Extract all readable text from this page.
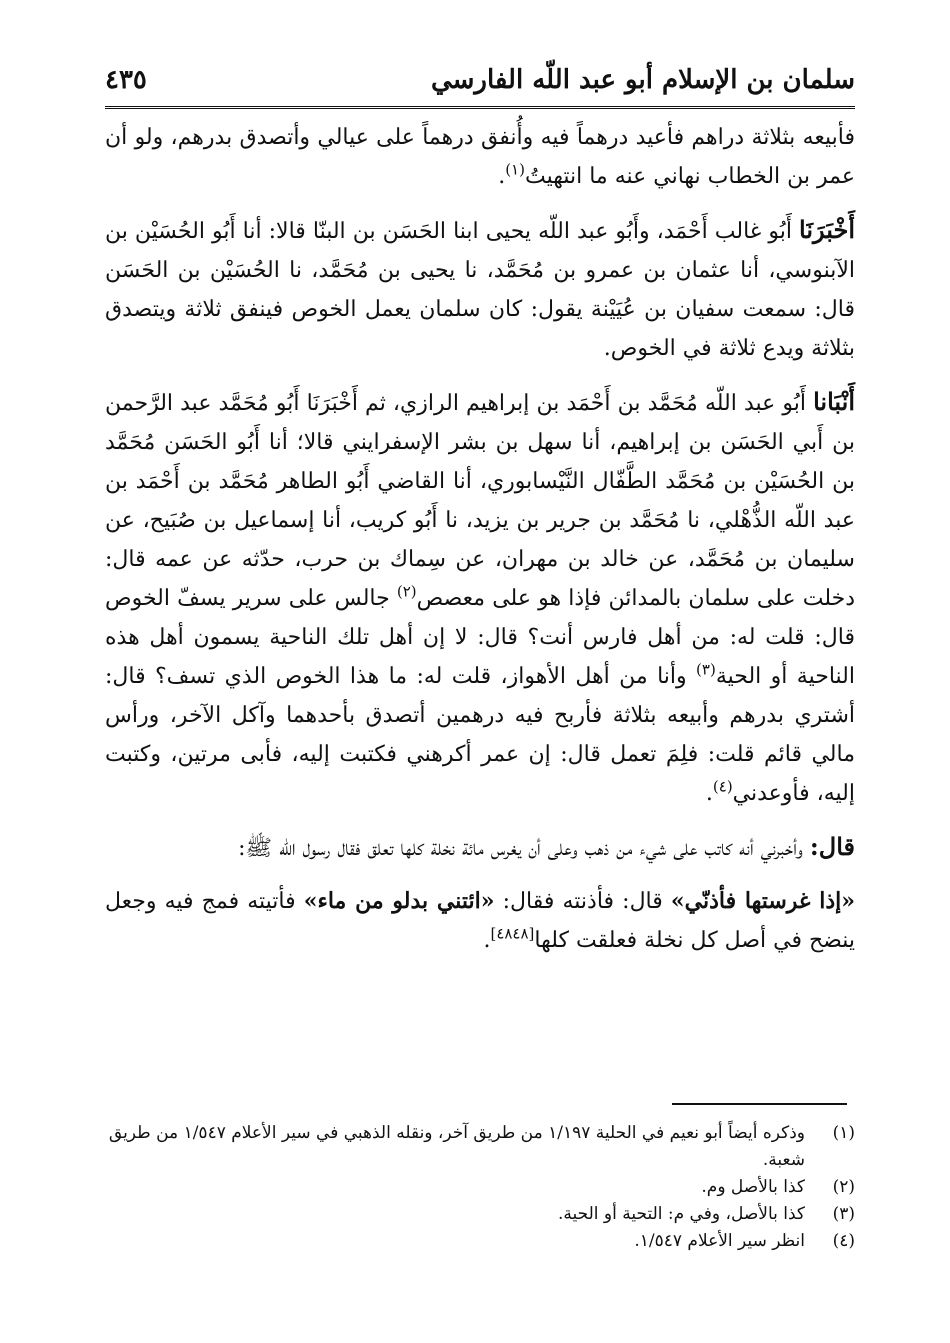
سلمان بن الإسلام أبو عبد اللّه الفارسي
٤٣٥

فأبيعه بثلاثة دراهم فأعيد درهماً فيه وأُنفق درهماً على عيالي وأتصدق بدرهم، ولو أن عمر بن الخطاب نهاني عنه ما انتهيتُ$^{(١)}$.

أَخْبَرَنَا أَبُو غالب أَحْمَد، وأَبُو عبد اللّه يحيى ابنا الحَسَن بن البنّا قالا: أنا أَبُو الحُسَيْن بن الآبنوسي، أنا عثمان بن عمرو بن مُحَمَّد، نا يحيى بن مُحَمَّد، نا الحُسَيْن بن الحَسَن قال: سمعت سفيان بن عُيَيْنة يقول: كان سلمان يعمل الخوص فينفق ثلاثة ويتصدق بثلاثة ويدع ثلاثة في الخوص.

أَنْبَانا أَبُو عبد اللّه مُحَمَّد بن أَحْمَد بن إبراهيم الرازي، ثم أَخْبَرَنَا أَبُو مُحَمَّد عبد الرَّحمن بن أَبي الحَسَن بن إبراهيم، أنا سهل بن بشر الإسفرايني قالا؛ أنا أَبُو الحَسَن مُحَمَّد بن الحُسَيْن بن مُحَمَّد الطَّفّال النَّيْسابوري، أنا القاضي أَبُو الطاهر مُحَمَّد بن أَحْمَد بن عبد اللّه الذُّهْلي، نا مُحَمَّد بن جرير بن يزيد، نا أَبُو كريب، أنا إسماعيل بن صُبَيح، عن سليمان بن مُحَمَّد، عن خالد بن مهران، عن سِماك بن حرب، حدّثه عن عمه قال: دخلت على سلمان بالمدائن فإذا هو على معصص$^{(٢)}$ جالس على سرير يسفّ الخوص قال: قلت له: من أهل فارس أنت؟ قال: لا إن أهل تلك الناحية يسمون أهل هذه الناحية أو الحية$^{(٣)}$ وأنا من أهل الأهواز، قلت له: ما هذا الخوص الذي تسف؟ قال: أشتري بدرهم وأبيعه بثلاثة فأربح فيه درهمين أتصدق بأحدهما وآكل الآخر، ورأس مالي قائم قلت: فلِمَ تعمل قال: إن عمر أكرهني فكتبت إليه، فأبى مرتين، وكتبت إليه، فأوعدني$^{(٤)}$.

قال: وأخبرني أنه كاتب على شيء من ذهب وعلى أن يغرس مائة نخلة كلها تعلق فقال رسول اللّه ﷺ:

«إذا غرستها فأذنّي» قال: فأذنته فقال: «ائتني بدلو من ماء» فأتيته فمج فيه وجعل ينضح في أصل كل نخلة فعلقت كلها[٤٨٤٨].

(١)
وذكره أيضاً أبو نعيم في الحلية ١/١٩٧ من طريق آخر، ونقله الذهبي في سير الأعلام ١/٥٤٧ من طريق شعبة.
(٢)
كذا بالأصل وم.
(٣)
كذا بالأصل، وفي م: التحية أو الحية.
(٤)
انظر سير الأعلام ١/٥٤٧.
